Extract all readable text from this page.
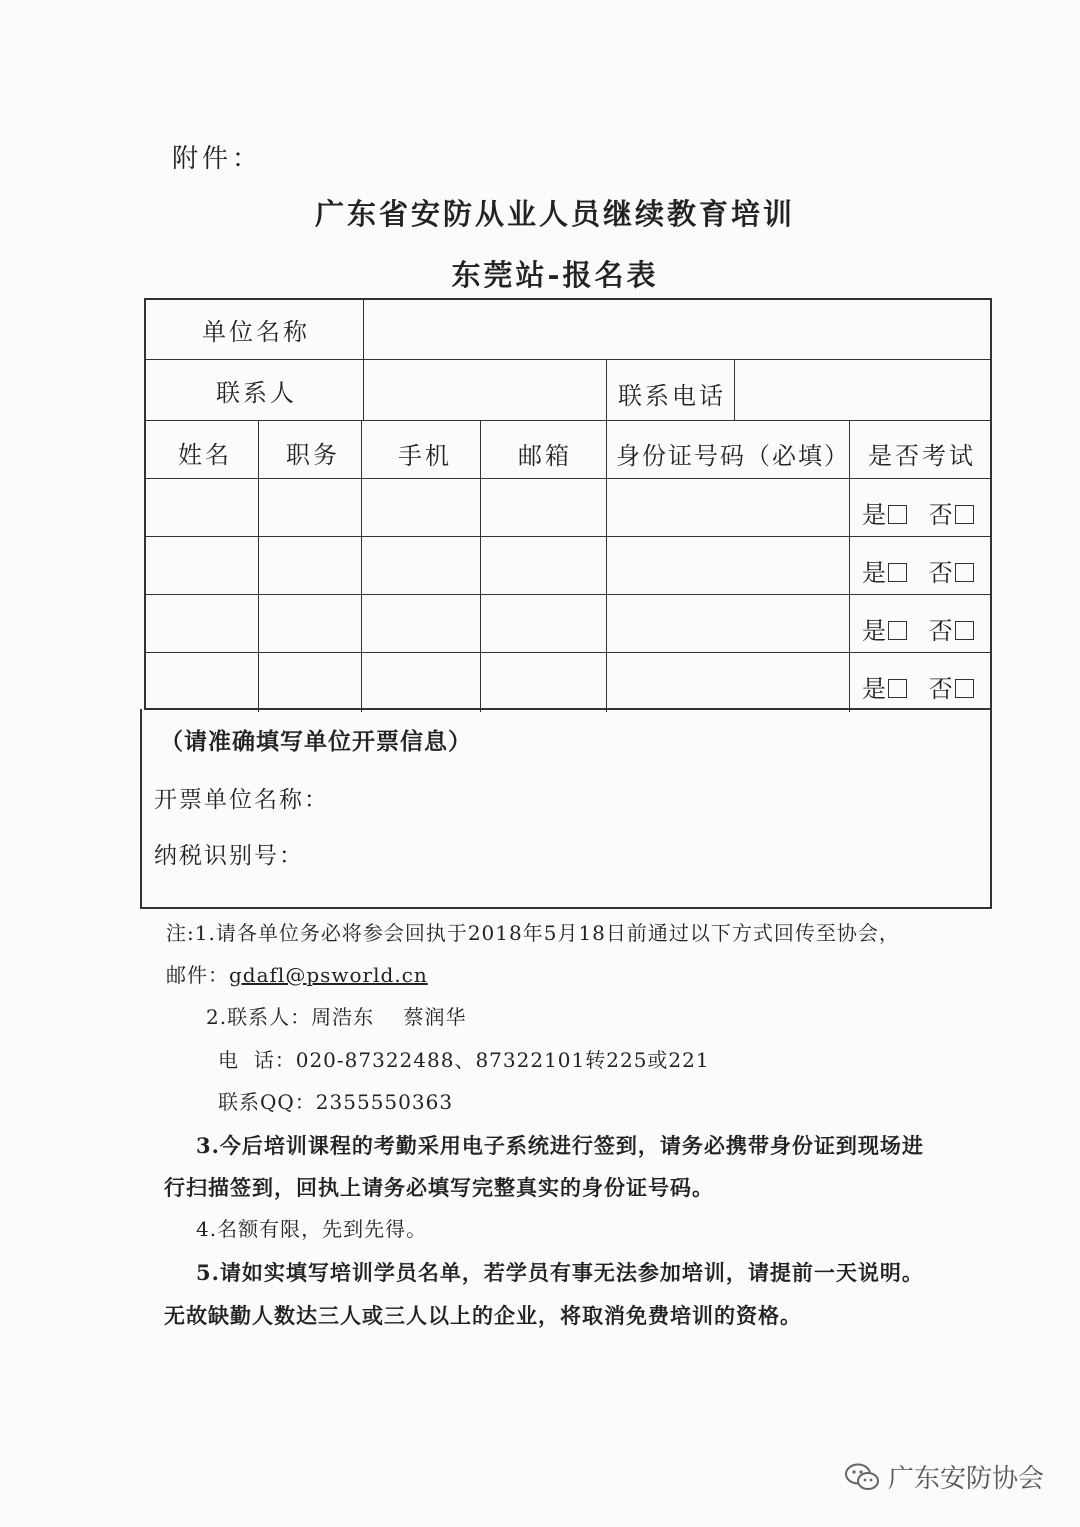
附件：
广东省安防从业人员继续教育培训
东莞站-报名表
单位名称
联系人	联系电话
姓名 职务 手机	邮箱 身份证号码（必填） 是否考试
是 否
是 否
是 否
是 否
（请准确填写单位开票信息）
开票单位名称：
纳税识别号：
注:1.请各单位务必将参会回执于2018年5月18日前通过以下方式回传至协会，
邮件：gdafl@psworld.cn
2.联系人：周浩东    蔡润华
电  话：020-87322488、87322101转225或221
联系QQ：2355550363
3.今后培训课程的考勤采用电子系统进行签到，请务必携带身份证到现场进
行扫描签到，回执上请务必填写完整真实的身份证号码。
4.名额有限，先到先得。
5.请如实填写培训学员名单，若学员有事无法参加培训，请提前一天说明。
无故缺勤人数达三人或三人以上的企业，将取消免费培训的资格。
广东安防协会
